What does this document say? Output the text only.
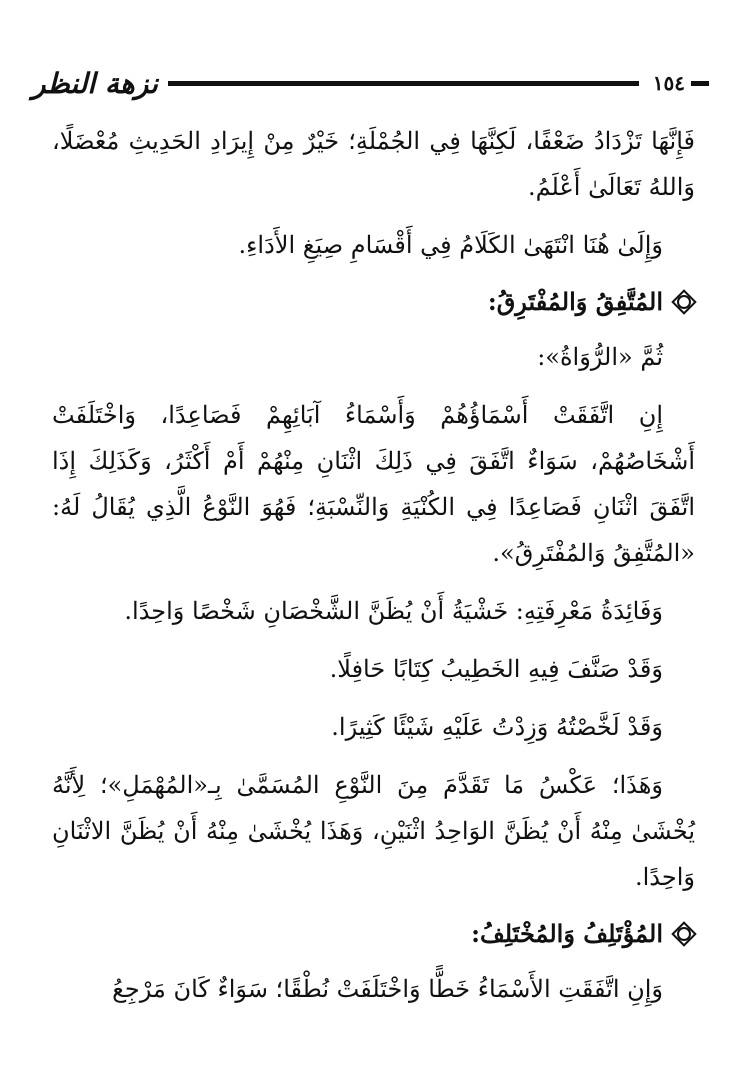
١٥٤
نزهة النظر

فَإِنَّهَا تَزْدَادُ ضَعْفًا، لَكِنَّهَا فِي الجُمْلَةِ؛ خَيْرٌ مِنْ إِيرَادِ الحَدِيثِ مُعْضَلًا، وَاللهُ تَعَالَىٰ أَعْلَمُ.

وَإِلَىٰ هُنَا انْتَهَىٰ الكَلَامُ فِي أَقْسَامِ صِيَغِ الأَدَاءِ.

المُتَّفِقُ وَالمُفْتَرِقُ:

ثُمَّ «الرُّوَاةُ»:

إِنِ اتَّفَقَتْ أَسْمَاؤُهُمْ وَأَسْمَاءُ آبَائِهِمْ فَصَاعِدًا، وَاخْتَلَفَتْ أَشْخَاصُهُمْ، سَوَاءٌ اتَّفَقَ فِي ذَلِكَ اثْنَانِ مِنْهُمْ أَمْ أَكْثَرُ، وَكَذَلِكَ إِذَا اتَّفَقَ اثْنَانِ فَصَاعِدًا فِي الكُنْيَةِ وَالنِّسْبَةِ؛ فَهُوَ النَّوْعُ الَّذِي يُقَالُ لَهُ: «المُتَّفِقُ وَالمُفْتَرِقُ».

وَفَائِدَةُ مَعْرِفَتِهِ: خَشْيَةُ أَنْ يُظَنَّ الشَّخْصَانِ شَخْصًا وَاحِدًا.

وَقَدْ صَنَّفَ فِيهِ الخَطِيبُ كِتَابًا حَافِلًا.

وَقَدْ لَخَّصْتُهُ وَزِدْتُ عَلَيْهِ شَيْئًا كَثِيرًا.

وَهَذَا؛ عَكْسُ مَا تَقَدَّمَ مِنَ النَّوْعِ المُسَمَّىٰ بِـ«المُهْمَلِ»؛ لِأَنَّهُ يُخْشَىٰ مِنْهُ أَنْ يُظَنَّ الوَاحِدُ اثْنَيْنِ، وَهَذَا يُخْشَىٰ مِنْهُ أَنْ يُظَنَّ الاثْنَانِ وَاحِدًا.

المُؤْتَلِفُ وَالمُخْتَلِفُ:

وَإِنِ اتَّفَقَتِ الأَسْمَاءُ خَطًّا وَاخْتَلَفَتْ نُطْقًا؛ سَوَاءٌ كَانَ مَرْجِعُ
